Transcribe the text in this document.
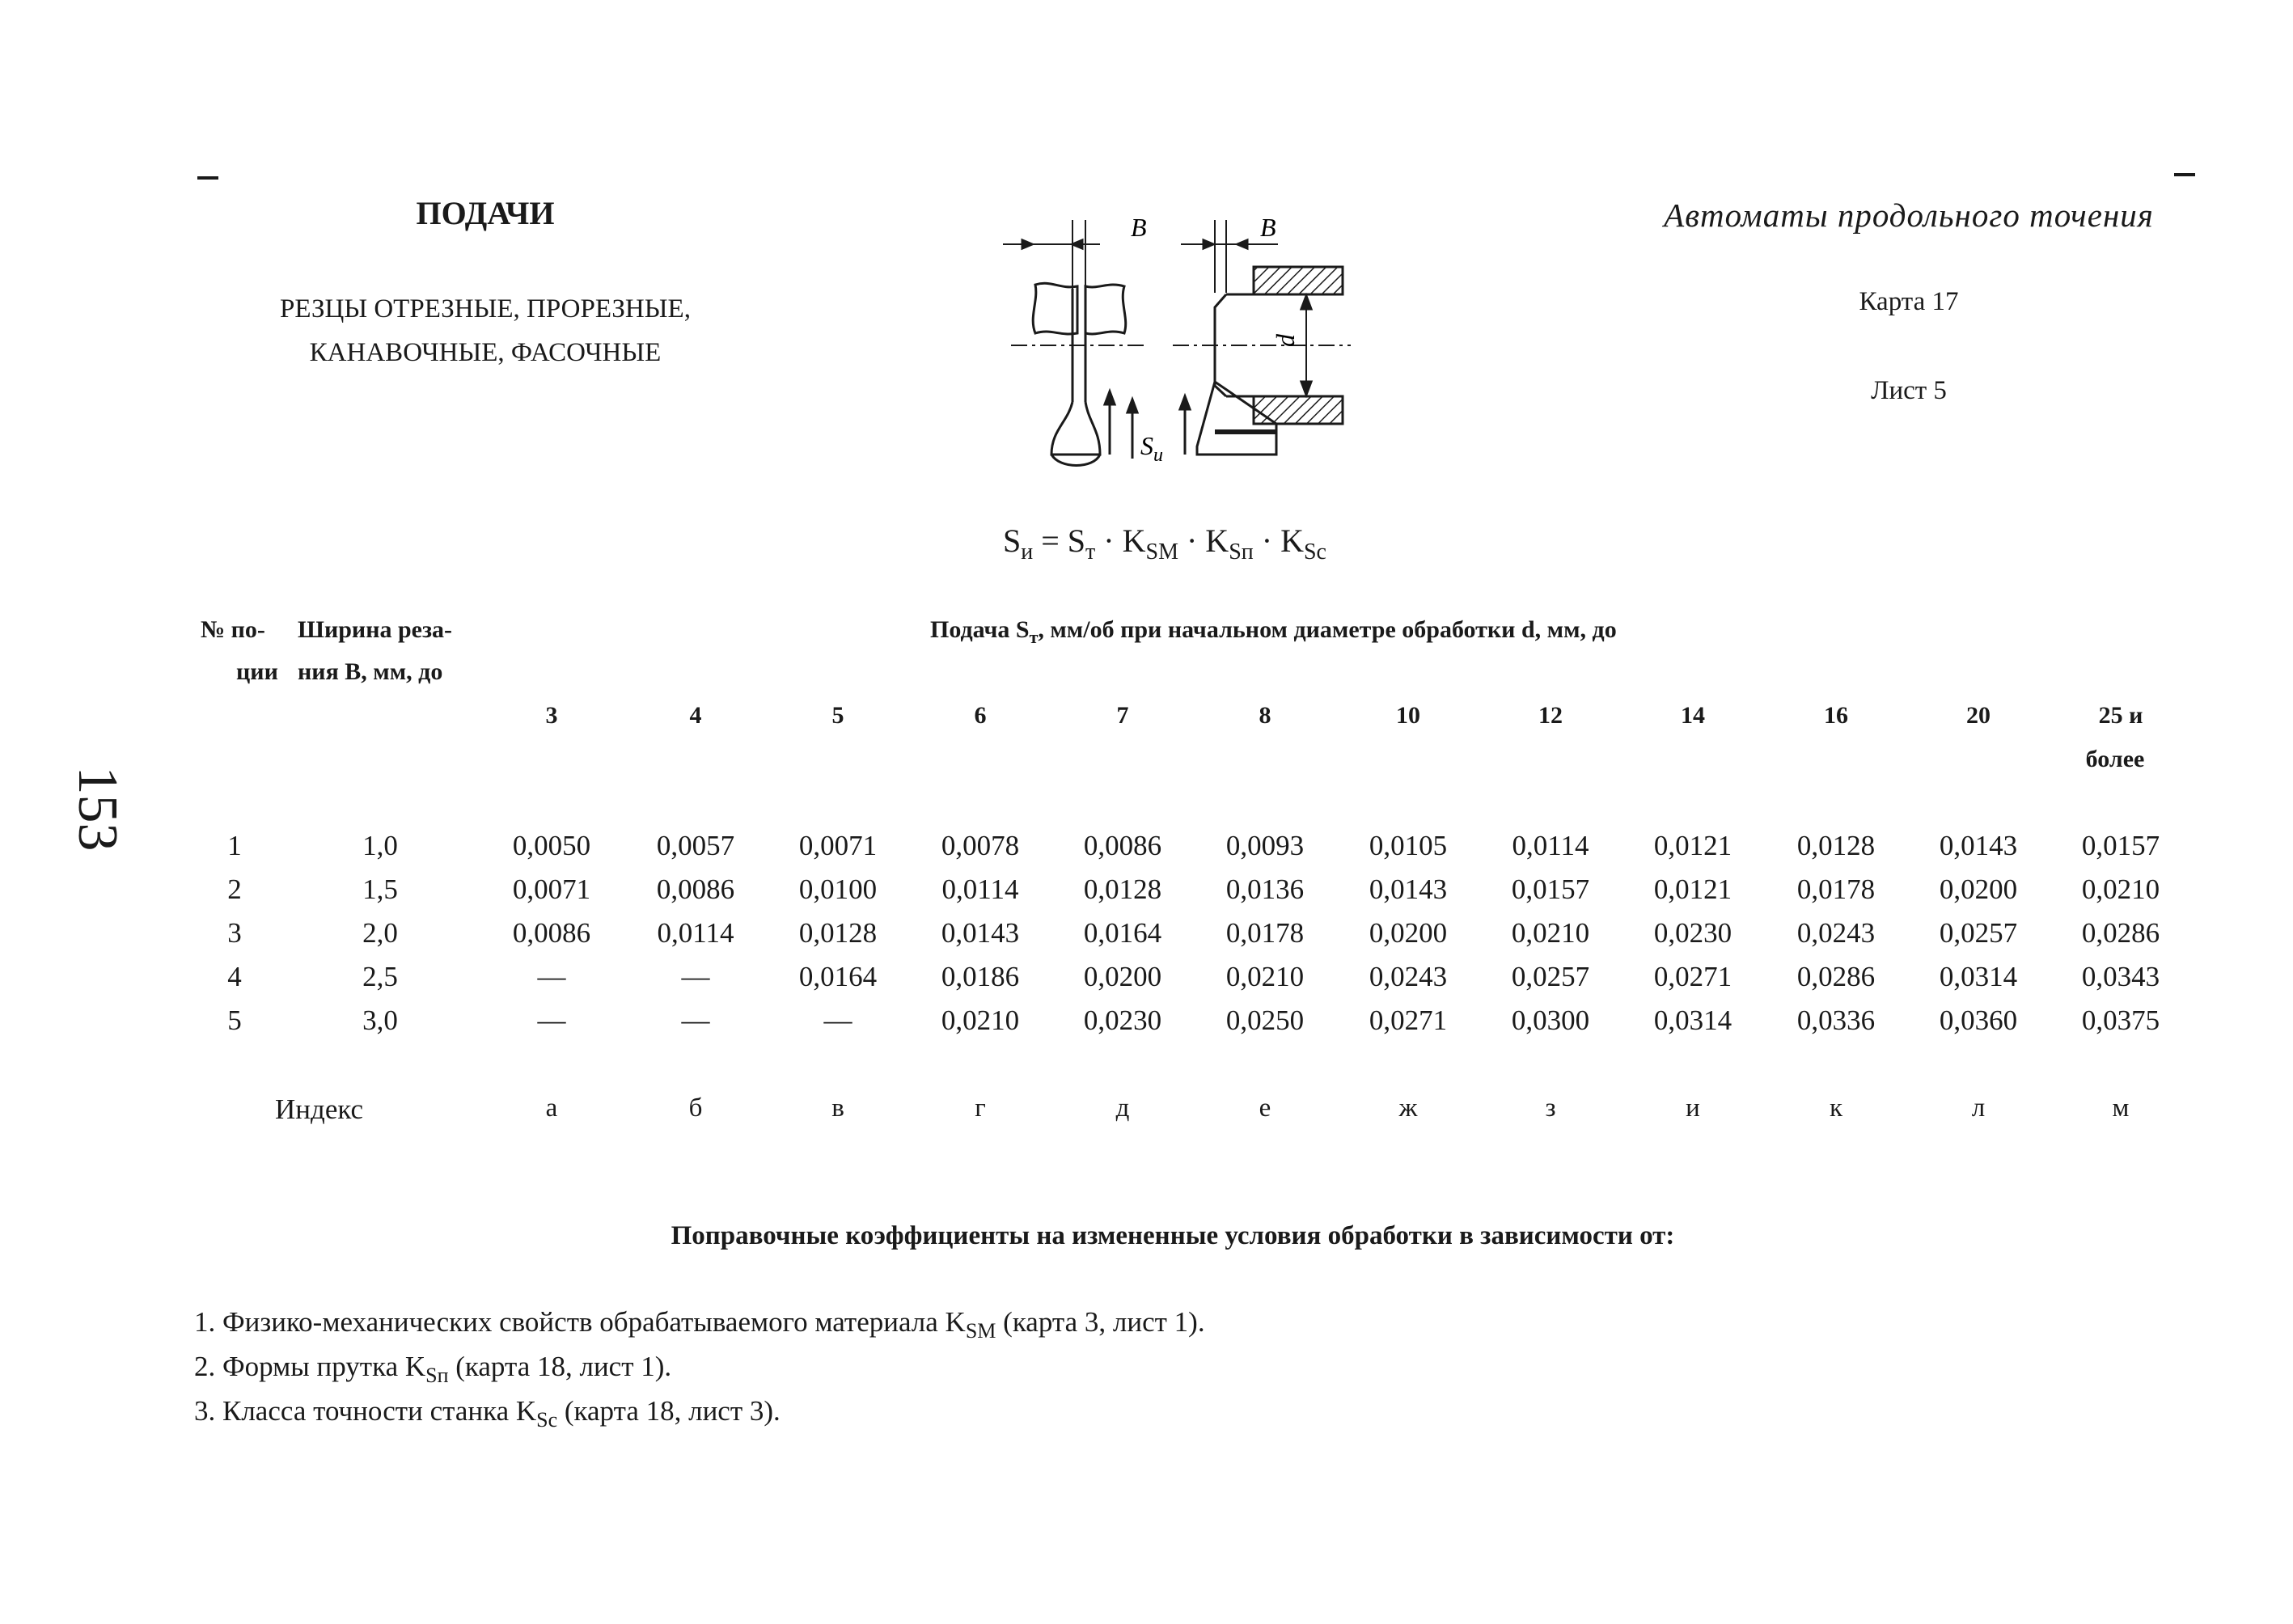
ПОДАЧИ
РЕЗЦЫ ОТРЕЗНЫЕ, ПРОРЕЗНЫЕ,
КАНАВОЧНЫЕ, ФАСОЧНЫЕ
Автоматы продольного точения
Карта 17
Лист 5
153
B
$S_и$
B
d
$S_и = S_т \cdot K_{SM} \cdot K_{Sп} \cdot K_{Sc}$
№ по-
ции
Ширина реза-
ния B, мм, до
Подача $S_т$, мм/об при начальном диаметре обработки d, мм, до
3	4	5	6	7	8	10	12	14	16	20	25 и
более
1	1,0	0,0050	0,0057	0,0071	0,0078	0,0086	0,0093	0,0105	0,0114	0,0121	0,0128	0,0143	0,0157
2	1,5	0,0071	0,0086	0,0100	0,0114	0,0128	0,0136	0,0143	0,0157	0,0121	0,0178	0,0200	0,0210
3	2,0	0,0086	0,0114	0,0128	0,0143	0,0164	0,0178	0,0200	0,0210	0,0230	0,0243	0,0257	0,0286
4	2,5	—	—	0,0164	0,0186	0,0200	0,0210	0,0243	0,0257	0,0271	0,0286	0,0314	0,0343
5	3,0	—	—	—	0,0210	0,0230	0,0250	0,0271	0,0300	0,0314	0,0336	0,0360	0,0375
Индекс	а	б	в	г	д	е	ж	з	и	к	л	м
Поправочные коэффициенты на измененные условия обработки в зависимости от:
1. Физико-механических свойств обрабатываемого материала $K_{SM}$ (карта 3, лист 1).
2. Формы прутка $K_{Sп}$ (карта 18, лист 1).
3. Класса точности станка $K_{Sc}$ (карта 18, лист 3).
